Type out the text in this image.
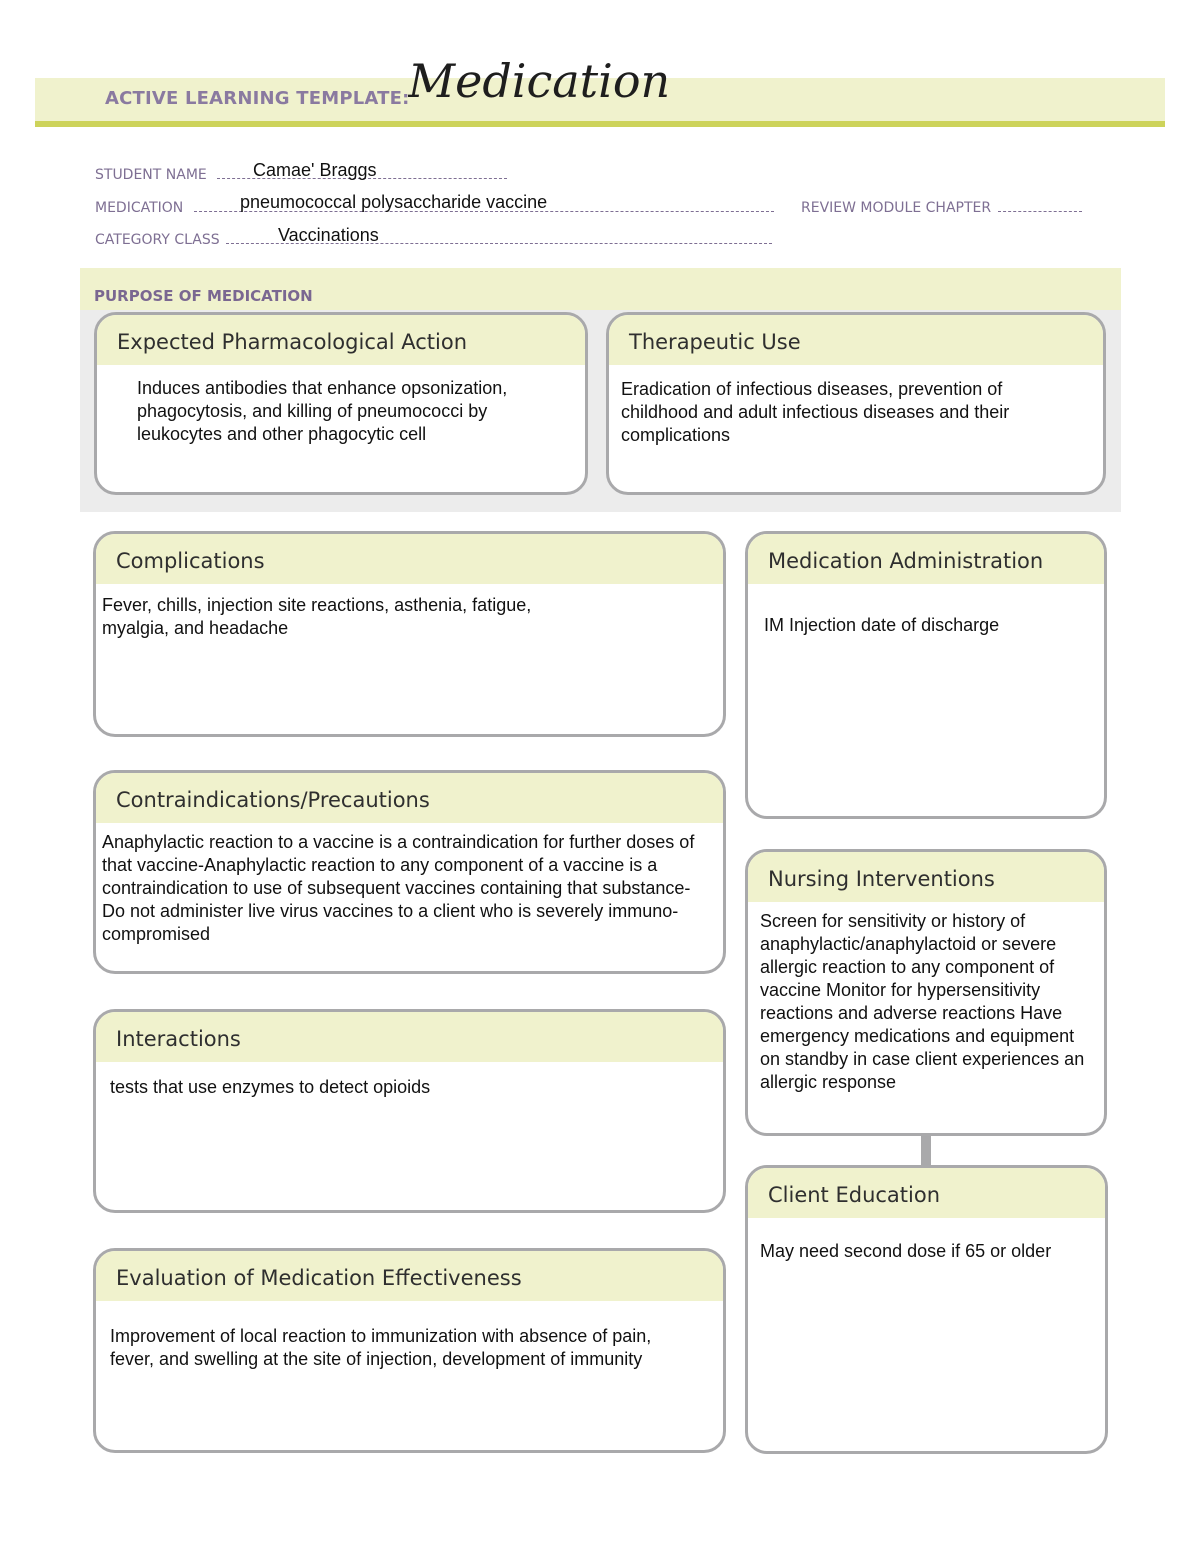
ACTIVE LEARNING TEMPLATE:
Medication
STUDENT NAME	Camae' Braggs
MEDICATION	pneumococcal polysaccharide vaccine	REVIEW MODULE CHAPTER
CATEGORY CLASS	Vaccinations
PURPOSE OF MEDICATION
Expected Pharmacological Action
Induces antibodies that enhance opsonization, phagocytosis, and killing of pneumococci by leukocytes and other phagocytic cell
Therapeutic Use
Eradication of infectious diseases, prevention of childhood and adult infectious diseases and their complications
Complications
Fever, chills, injection site reactions, asthenia, fatigue, myalgia, and headache
Contraindications/Precautions
Anaphylactic reaction to a vaccine is a contraindication for further doses of that vaccine-Anaphylactic reaction to any component of a vaccine is a contraindication to use of subsequent vaccines containing that substance-Do not administer live virus vaccines to a client who is severely immuno-compromised
Interactions
tests that use enzymes to detect opioids
Evaluation of Medication Effectiveness
Improvement of local reaction to immunization with absence of pain, fever, and swelling at the site of injection, development of immunity
Medication Administration
IM Injection date of discharge
Nursing Interventions
Screen for sensitivity or history of anaphylactic/anaphylactoid or severe allergic reaction to any component of vaccine Monitor for hypersensitivity reactions and adverse reactions Have emergency medications and equipment on standby in case client experiences an allergic response
Client Education
May need second dose if 65 or older
